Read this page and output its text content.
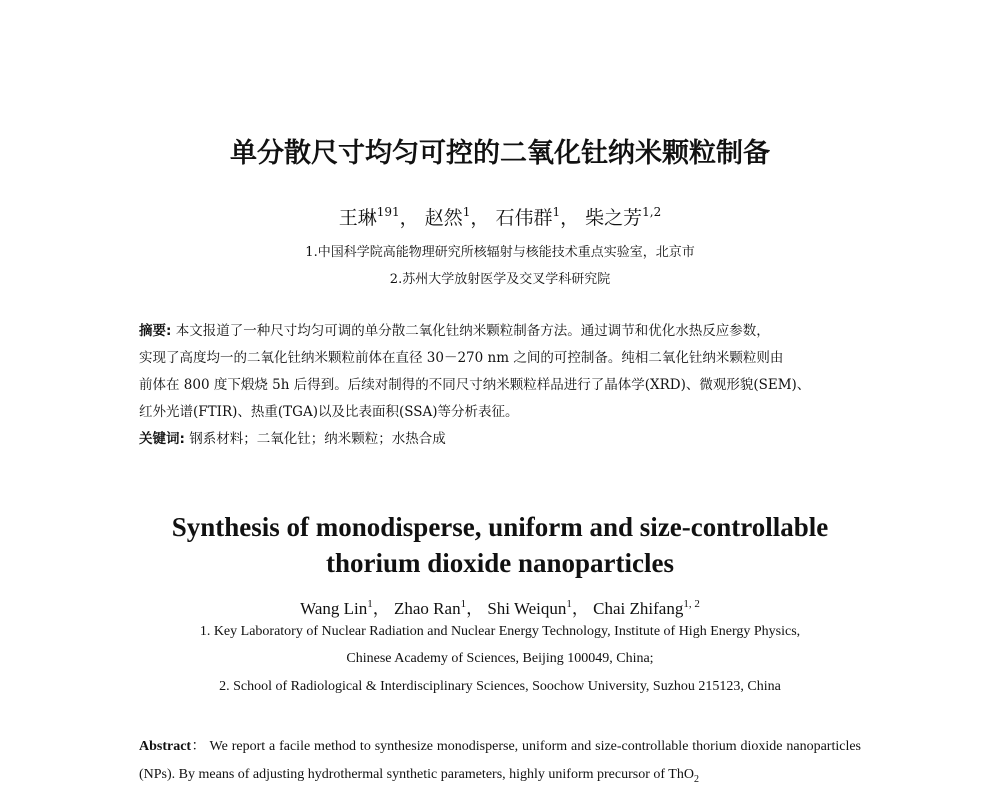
单分散尺寸均匀可控的二氧化钍纳米颗粒制备
王琳$^{191}$， 赵然$^1$， 石伟群$^1$， 柴之芳$^{1,2}$
1.中国科学院高能物理研究所核辐射与核能技术重点实验室，北京市
2.苏州大学放射医学及交叉学科研究院
摘要: 本文报道了一种尺寸均匀可调的单分散二氧化钍纳米颗粒制备方法。通过调节和优化水热反应参数，
实现了高度均一的二氧化钍纳米颗粒前体在直径 30－270 nm 之间的可控制备。纯相二氧化钍纳米颗粒则由
前体在 800 度下煅烧 5h 后得到。后续对制得的不同尺寸纳米颗粒样品进行了晶体学(XRD)、微观形貌(SEM)、
红外光谱(FTIR)、热重(TGA)以及比表面积(SSA)等分析表征。
关键词: 钢系材料；二氧化钍；纳米颗粒；水热合成
Synthesis of monodisperse, uniform and size-controllable
thorium dioxide nanoparticles
Wang Lin$^1$， Zhao Ran$^1$， Shi Weiqun$^1$， Chai Zhifang$^{1, 2}$
1. Key Laboratory of Nuclear Radiation and Nuclear Energy Technology, Institute of High Energy Physics,
Chinese Academy of Sciences, Beijing 100049, China;
2. School of Radiological & Interdisciplinary Sciences, Soochow University, Suzhou 215123, China
Abstract： We report a facile method to synthesize monodisperse, uniform and size-controllable thorium dioxide nanoparticles (NPs). By means of adjusting hydrothermal synthetic parameters, highly uniform precursor of ThO$_2$
